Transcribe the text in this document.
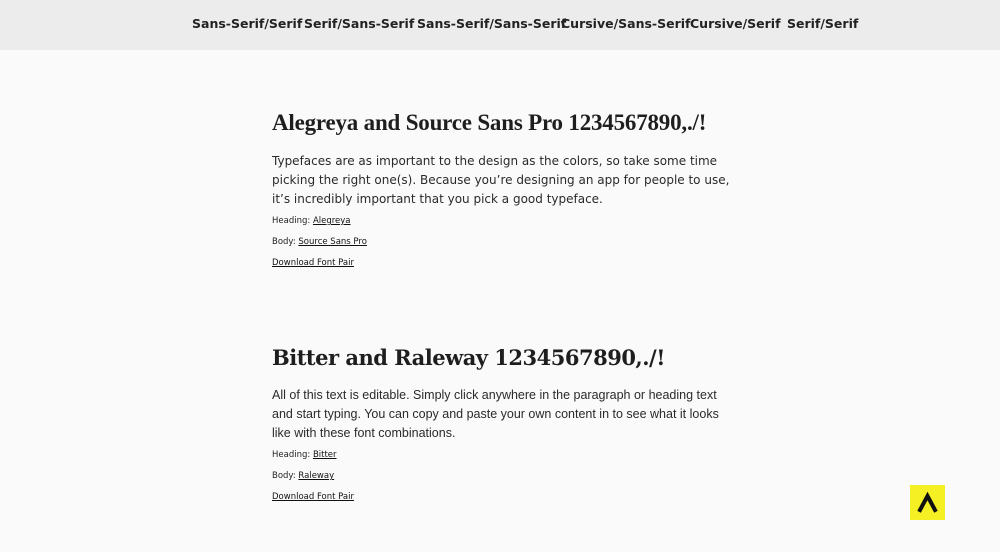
Sans-Serif/Serif Serif/Sans-Serif Sans-Serif/Sans-Serif
Cursive/Sans-Serif Cursive/Serif Serif/Serif
Alegreya and Source Sans Pro 1234567890,./!

Typefaces are as important to the design as the colors, so take some time picking the right one(s). Because you’re designing an app for people to use, it’s incredibly important that you pick a good typeface.

Heading: Alegreya
Body: Source Sans Pro
Download Font Pair
Bitter and Raleway 1234567890,./!

All of this text is editable. Simply click anywhere in the paragraph or heading text and start typing. You can copy and paste your own content in to see what it looks like with these font combinations.

Heading: Bitter
Body: Raleway
Download Font Pair
